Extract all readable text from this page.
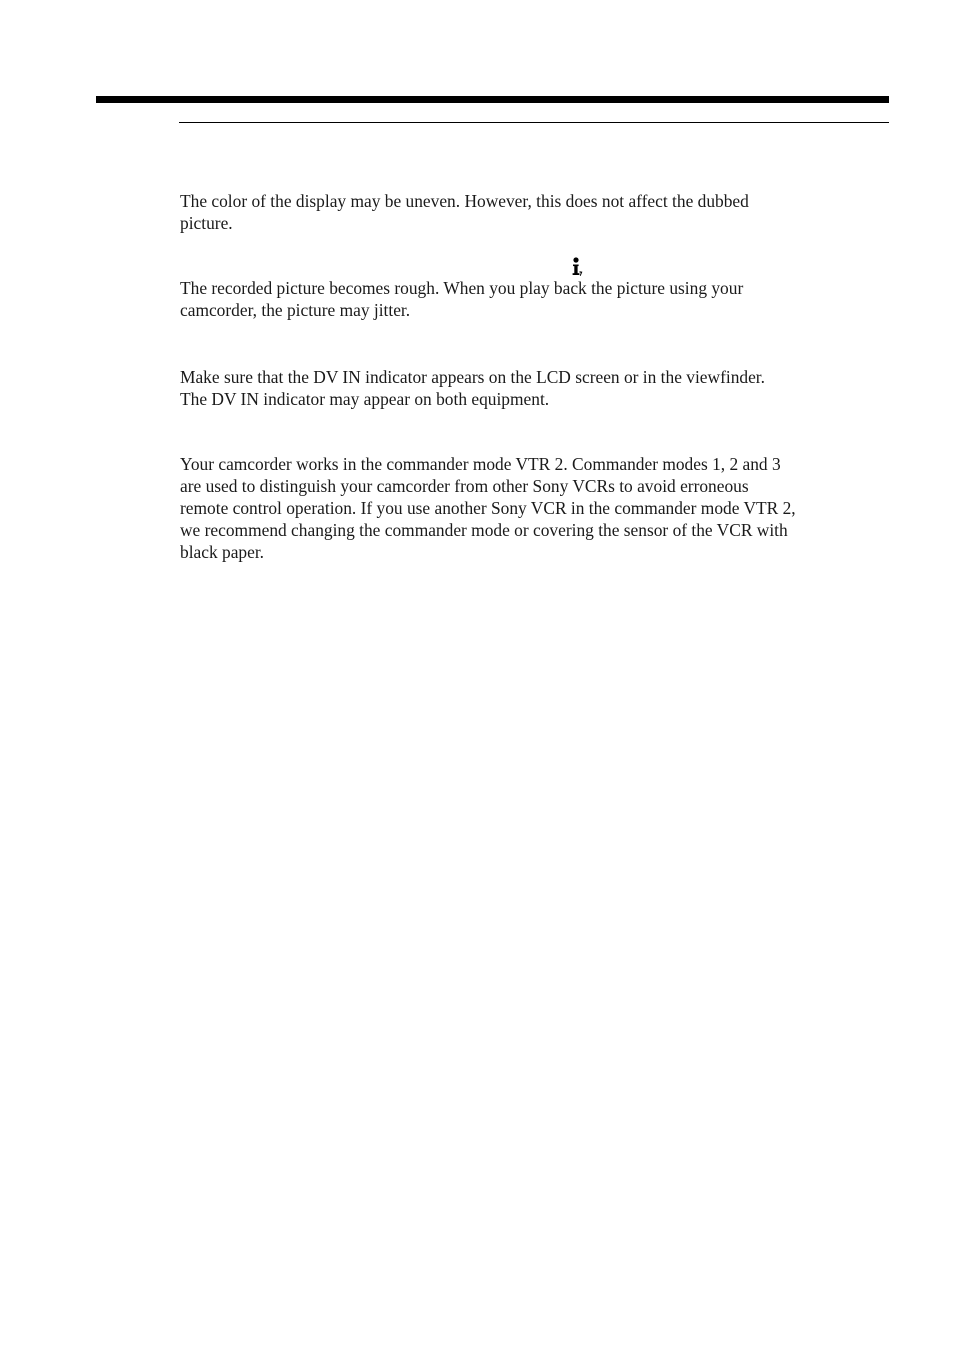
The color of the display may be uneven. However, this does not affect the dubbed
picture.

The recorded picture becomes rough. When you play back the picture using your
camcorder, the picture may jitter.

Make sure that the DV IN indicator appears on the LCD screen or in the viewfinder.
The DV IN indicator may appear on both equipment.

Your camcorder works in the commander mode VTR 2. Commander modes 1, 2 and 3
are used to distinguish your camcorder from other Sony VCRs to avoid erroneous
remote control operation. If you use another Sony VCR in the commander mode VTR 2,
we recommend changing the commander mode or covering the sensor of the VCR with
black paper.
